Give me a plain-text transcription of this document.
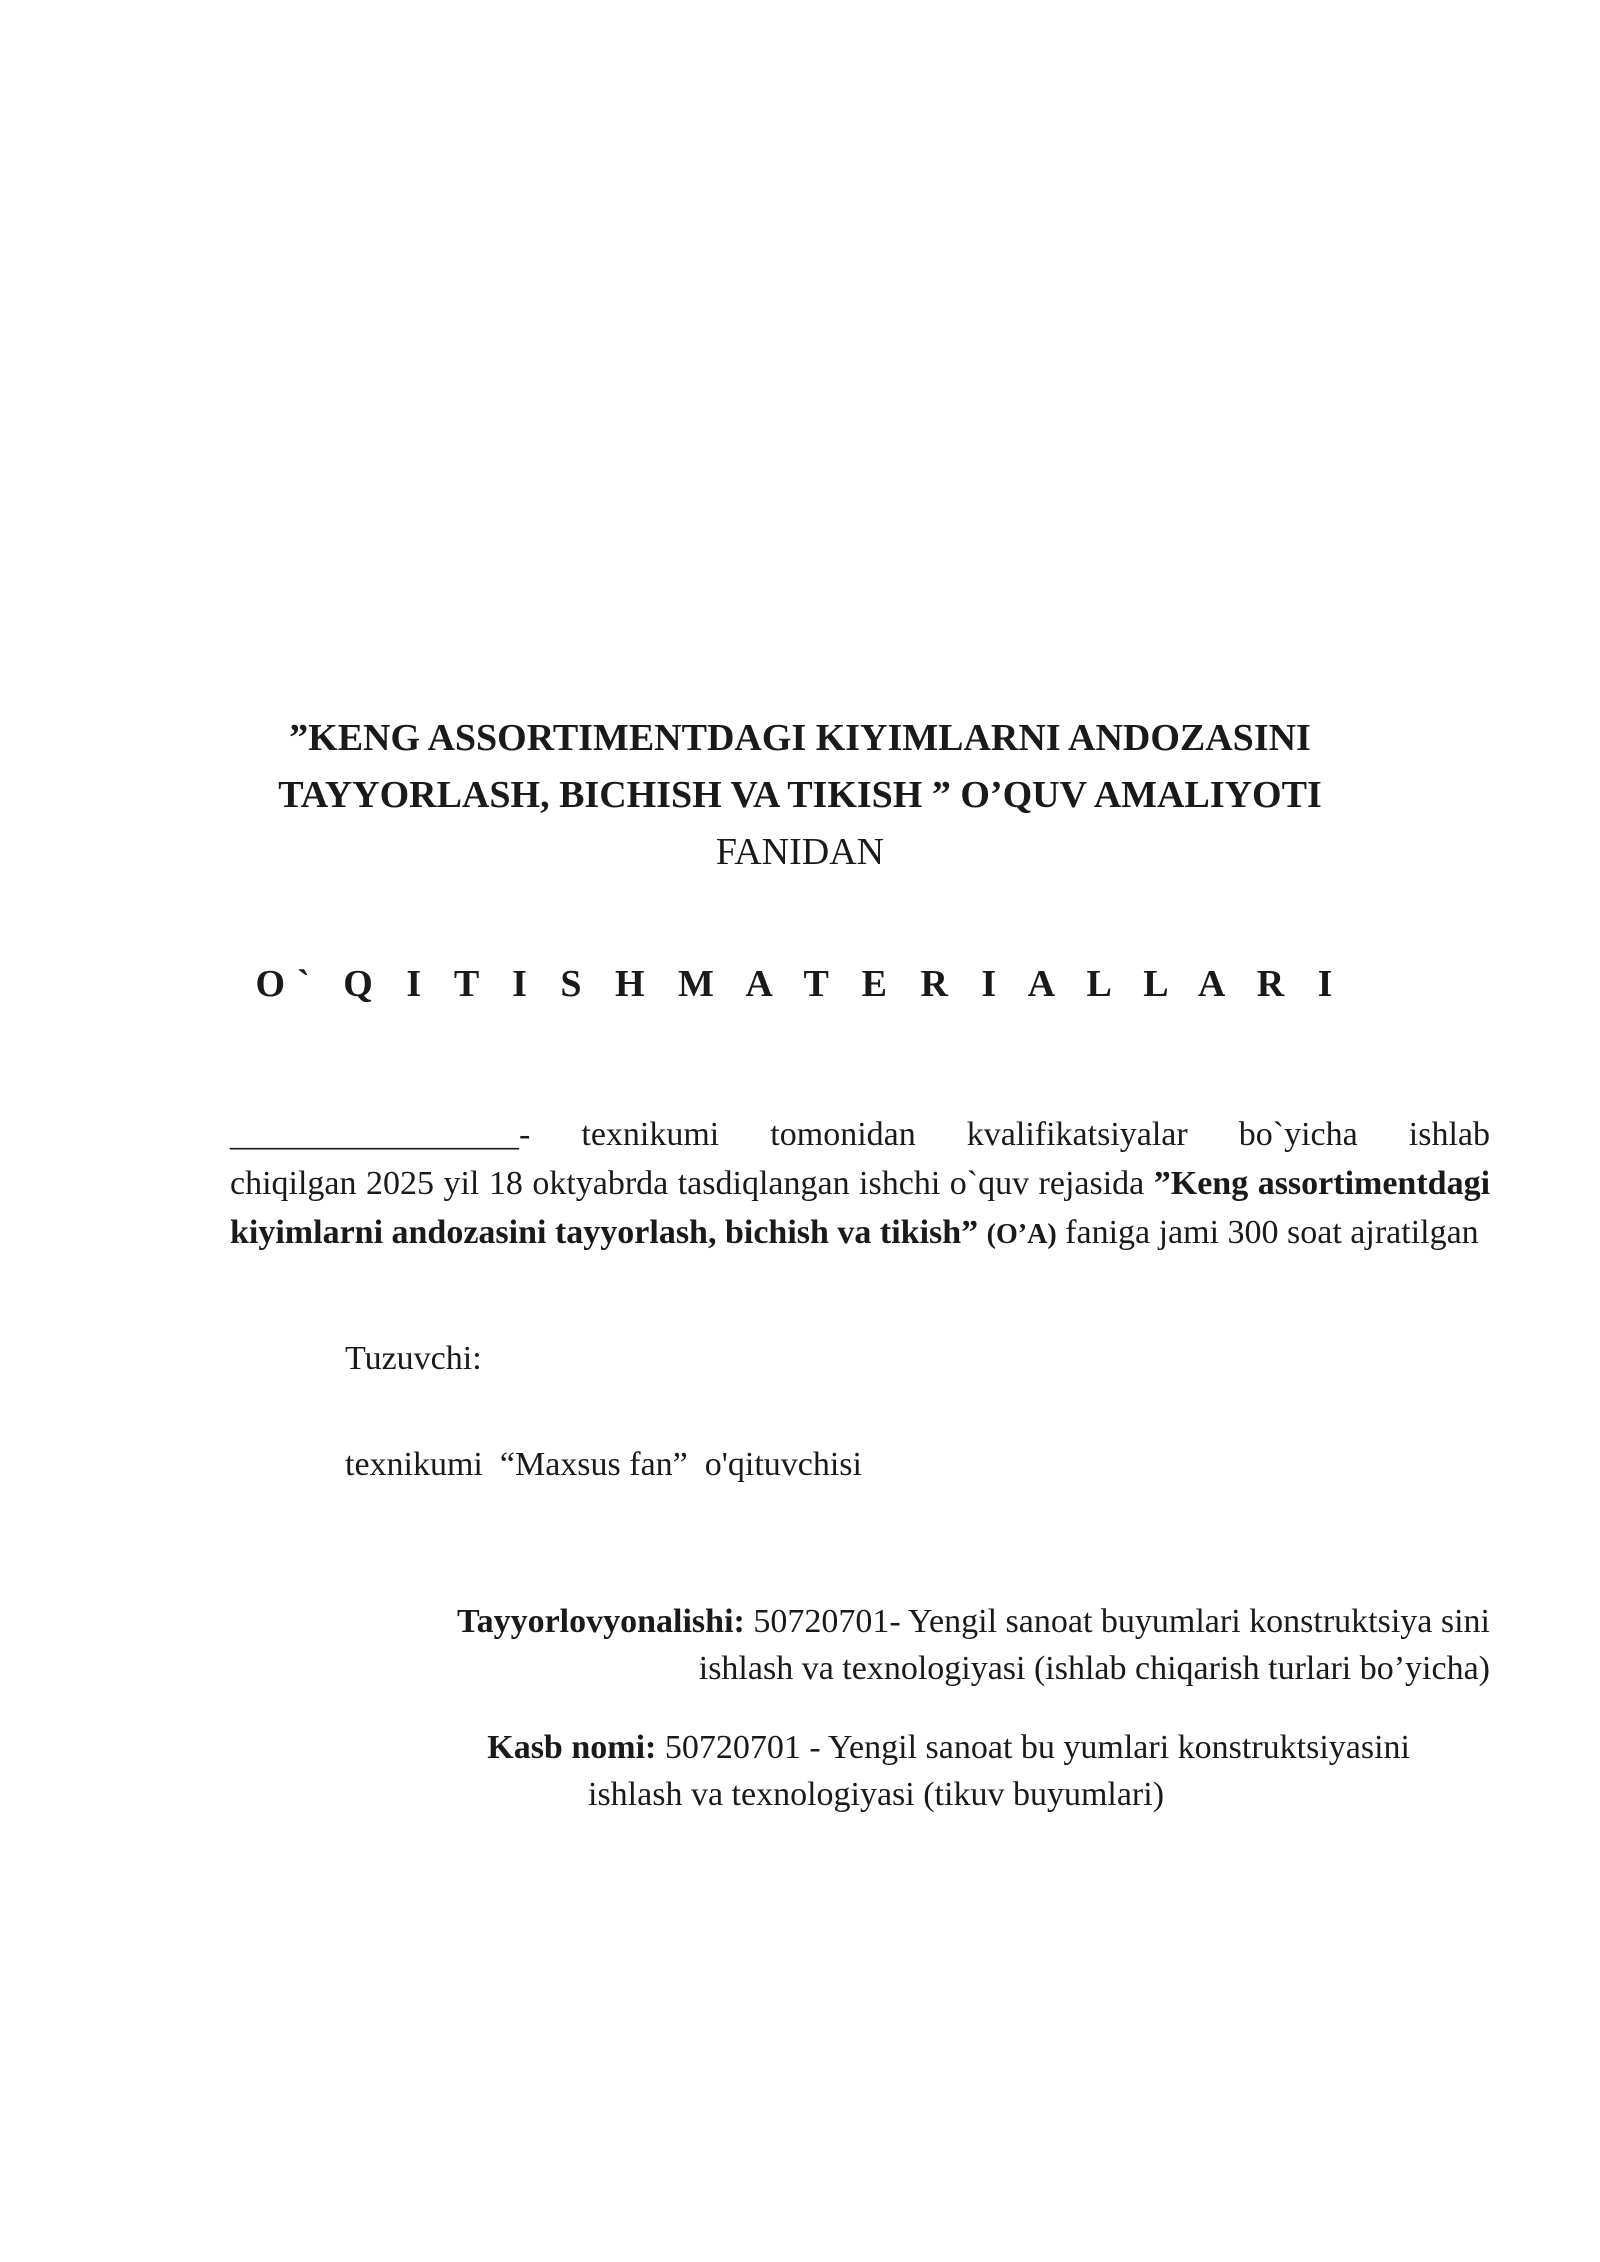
”KENG ASSORTIMENTDAGI KIYIMLARNI ANDOZASINI
TAYYORLASH, BICHISH VA TIKISH ” O’QUV AMALIYOTI
FANIDAN
O` Q I T I S H M A T E R I A L L A R I
_________________- texnikumi tomonidan kvalifikatsiyalar bo`yicha ishlab
chiqilgan 2025 yil 18 oktyabrda tasdiqlangan ishchi o`quv rejasida ”Keng assortimentdagi kiyimlarni andozasini tayyorlash, bichish va tikish” (O’A) faniga jami 300 soat ajratilgan
Tuzuvchi:
texnikumi  “Maxsus fan”  o'qituvchisi
Tayyorlovyonalishi: 50720701- Yengil sanoat buyumlari konstruktsiya sini
ishlash va texnologiyasi (ishlab chiqarish turlari bo’yicha)
Kasb nomi: 50720701 - Yengil sanoat bu yumlari konstruktsiyasini
ishlash va texnologiyasi (tikuv buyumlari)
